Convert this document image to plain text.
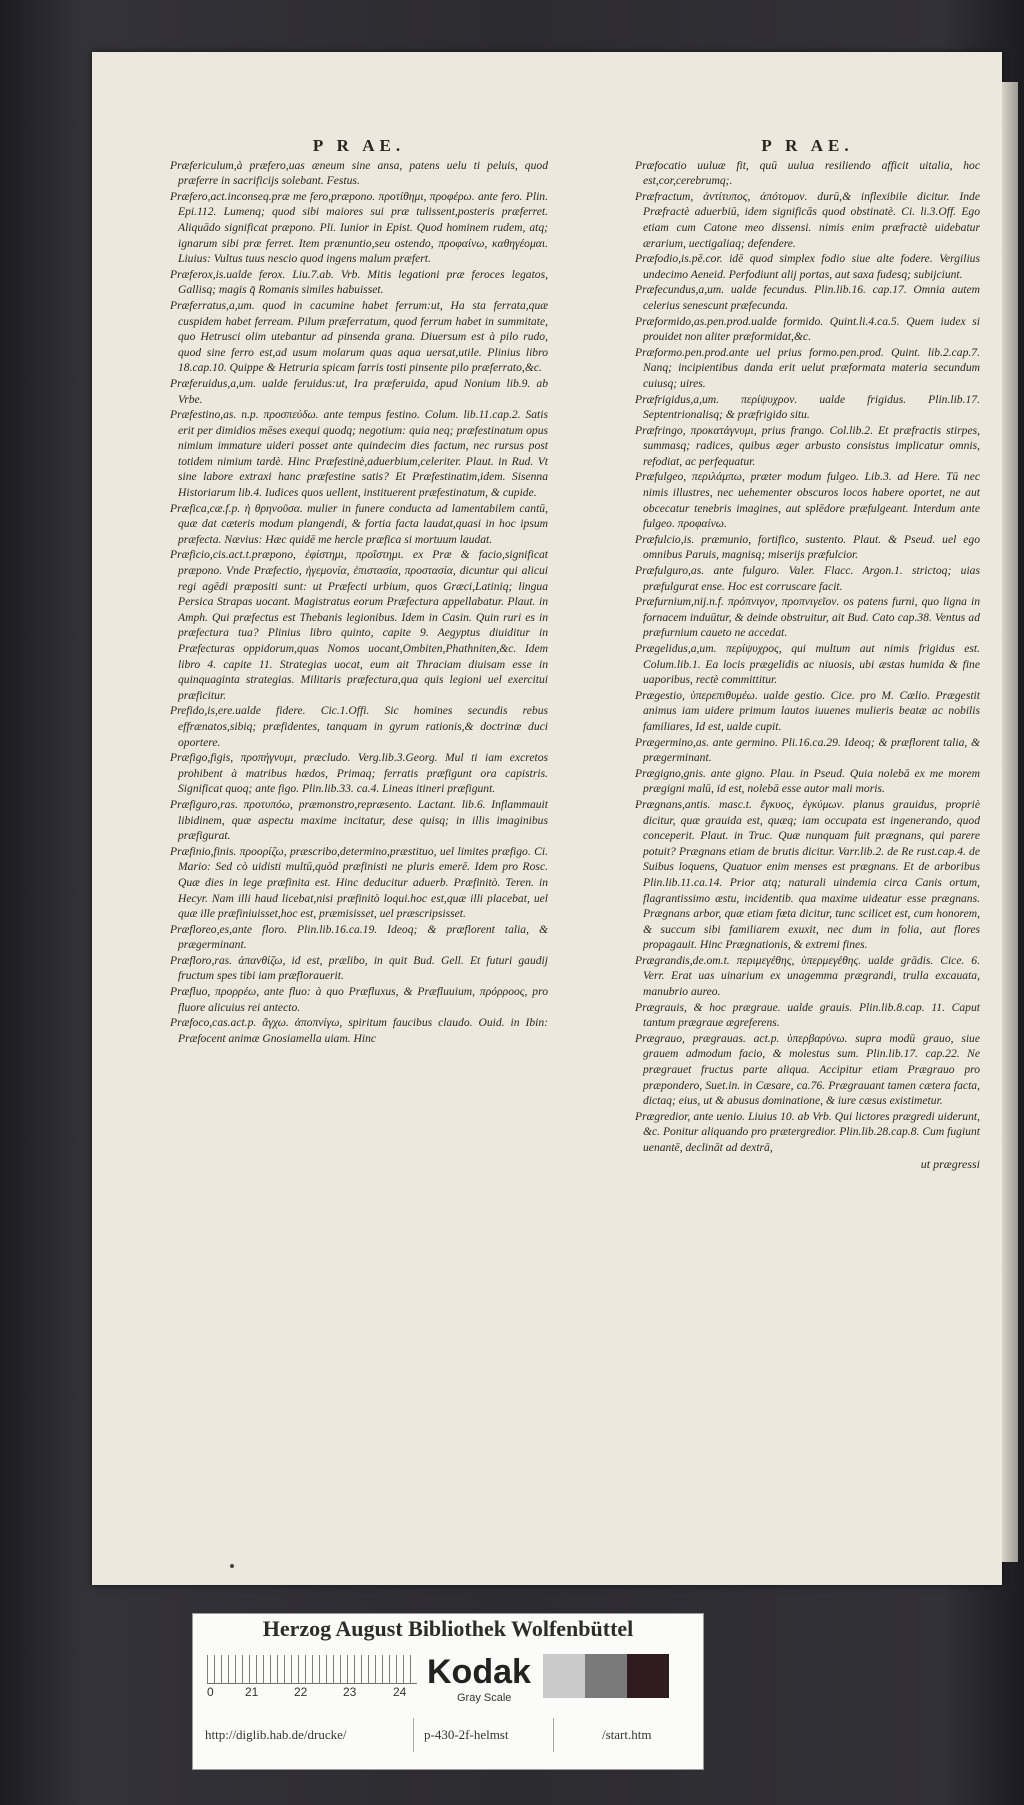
P R AE.

Præfericulum,à præfero,uas æneum sine ansa, patens uelu ti peluis, quod præferre in sacrificijs solebant. Festus.

Præfero,act.inconseq.præ me fero,præpono. προτίθημι, προφέρω. ante fero. Plin. Epi.112. Lumenq; quod sibi maiores sui præ tulissent,posteris præferret. Aliquādo significat præpono. Pli. Iunior in Epist. Quod hominem rudem, atq; ignarum sibi præ ferret. Item prænuntio,seu ostendo, προφαίνω, καθηγέομαι. Liuius: Vultus tuus nescio quod ingens malum præfert.

Præferox,is.ualde ferox. Liu.7.ab. Vrb. Mitis legationi præ feroces legatos, Gallisq; magis q̄ Romanis similes habuisset.

Præferratus,a,um. quod in cacumine habet ferrum:ut, Ha sta ferrata,quæ cuspidem habet ferream. Pilum præferratum, quod ferrum habet in summitate, quo Hetrusci olim utebantur ad pinsenda grana. Diuersum est à pilo rudo, quod sine ferro est,ad usum molarum quas aqua uersat,utile. Plinius libro 18.cap.10. Quippe & Hetruria spicam farris tosti pinsente pilo præferrato,&c.

Præferuidus,a,um. ualde feruidus:ut, Ira præferuida, apud Nonium lib.9. ab Vrbe.

Præfestino,as. n.p. προσπεύδω. ante tempus festino. Colum. lib.11.cap.2. Satis erit per dimidios mēses exequi quodq; negotium: quia neq; præfestinatum opus nimium immature uideri posset ante quindecim dies factum, nec rursus post totidem nimium tardè. Hinc Præfestinè,aduerbium,celeriter. Plaut. in Rud. Vt sine labore extraxi hanc præfestine satis? Et Præfestinatim,idem. Sisenna Historiarum lib.4. Iudices quos uellent, instituerent præfestinatum, & cupide.

Præfica,cæ.f.p. ἡ θρηνοῦσα. mulier in funere conducta ad lamentabilem cantū, quæ dat cæteris modum plangendi, & fortia facta laudat,quasi in hoc ipsum præfecta. Nævius: Hæc quidē me hercle præfica si mortuum laudat.

Præficio,cis.act.t.præpono, ἐφίστημι, προΐστημι. ex Præ & facio,significat præpono. Vnde Præfectio, ἡγεμονία, ἐπιστασία, προστασία, dicuntur qui alicui regi agēdi præpositi sunt: ut Præfecti urbium, quos Græci,Latiniq; lingua Persica Strapas uocant. Magistratus eorum Præfectura appellabatur. Plaut. in Amph. Qui præfectus est Thebanis legionibus. Idem in Casin. Quin ruri es in præfectura tua? Plinius libro quinto, capite 9. Aegyptus diuiditur in Præfecturas oppidorum,quas Nomos uocant,Ombiten,Phathniten,&c. Idem libro 4. capite 11. Strategias uocat, eum ait Thraciam diuisam esse in quinquaginta strategias. Militaris præfectura,qua quis legioni uel exercitui præficitur.

Prefido,is,ere.ualde fidere. Cic.1.Offi. Sic homines secundis rebus effrænatos,sibiq; præfidentes, tanquam in gyrum rationis,& doctrinæ duci oportere.

Præfigo,figis, προπήγνυμι, præcludo. Verg.lib.3.Georg. Mul ti iam excretos prohibent à matribus hædos, Primaq; ferratis præfigunt ora capistris. Significat quoq; ante figo. Plin.lib.33. ca.4. Lineas itineri præfigunt.

Præfiguro,ras. προτυπόω, præmonstro,repræsento. Lactant. lib.6. Inflammauit libidinem, quæ aspectu maxime incitatur, dese quisq; in illis imaginibus præfigurat.

Præfinio,finis. προορίζω, præscribo,determino,præstituo, uel limites præfigo. Ci. Mario: Sed cò uidisti multū,quòd præfinisti ne pluris emerē. Idem pro Rosc. Quæ dies in lege præfinita est. Hinc deducitur aduerb. Præfinitò. Teren. in Hecyr. Nam illi haud licebat,nisi præfinitò loqui.hoc est,quæ illi placebat, uel quæ ille præfiniuisset,hoc est, præmisisset, uel præscripsisset.

Præfloreo,es,ante floro. Plin.lib.16.ca.19. Ideoq; & præflorent talia, & prægerminant.

Præfloro,ras. ἀπανθίζω, id est, prælibo, in quit Bud. Gell. Et futuri gaudij fructum spes tibi iam præflorauerit.

Præfluo, προρρέω, ante fluo: à quo Præfluxus, & Præfluuium, πρόρροος, pro fluore alicuius rei antecto.

Præfoco,cas.act.p. ἄγχω. ἀποπνίγω, spiritum faucibus claudo. Ouid. in Ibin: Præfocent animæ Gnosiamella uiam. Hinc

P R AE.

Præfocatio uuluæ fit, quū uulua resiliendo afficit uitalia, hoc est,cor,cerebrumq;.

Præfractum, ἀντίτυπος, ἀπότομον. durū,& inflexibile dicitur. Inde Præfractè aduerbiū, idem significās quod obstinatè. Ci. li.3.Off. Ego etiam cum Catone meo dissensi. nimis enim præfractè uidebatur ærarium, uectigaliaq; defendere.

Præfodio,is.pē.cor. idē quod simplex fodio siue alte fodere. Vergilius undecimo Aeneid. Perfodiunt alij portas, aut saxa fudesq; subijciunt.

Præfecundus,a,um. ualde fecundus. Plin.lib.16. cap.17. Omnia autem celerius senescunt præfecunda.

Præformido,as.pen.prod.ualde formido. Quint.li.4.ca.5. Quem iudex si prouidet non aliter præformidat,&c.

Præformo.pen.prod.ante uel prius formo.pen.prod. Quint. lib.2.cap.7. Nanq; incipientibus danda erit uelut præformata materia secundum cuiusq; uires.

Præfrigidus,a,um. περίψυχρον. ualde frigidus. Plin.lib.17. Septentrionalisq; & præfrigido situ.

Præfringo, προκατάγνυμι, prius frango. Col.lib.2. Et præfractis stirpes, summasq; radices, quibus æger arbusto consistus implicatur omnis, refodiat, ac perfequatur.

Præfulgeo, περιλάμπω, præter modum fulgeo. Lib.3. ad Here. Tū nec nimis illustres, nec uehementer obscuros locos habere oportet, ne aut obcecatur tenebris imagines, aut splēdore præfulgeant. Interdum ante fulgeo. προφαίνω.

Præfulcio,is. præmunio, fortifico, sustento. Plaut. & Pseud. uel ego omnibus Paruis, magnisq; miserijs præfulcior.

Præfulguro,as. ante fulguro. Valer. Flacc. Argon.1. strictoq; uias præfulgurat ense. Hoc est corruscare facit.

Præfurnium,nij.n.f. πρόπνιγον, προπνιγεῖον. os patens furni, quo ligna in fornacem induūtur, & deinde obstruitur, ait Bud. Cato cap.38. Ventus ad præfurnium caueto ne accedat.

Prægelidus,a,um. περίψυχρος, qui multum aut nimis frigidus est. Colum.lib.1. Ea locis prægelidis ac niuosis, ubi æstas humida & fine uaporibus, rectè committitur.

Prægestio, ὑπερεπιθυμέω. ualde gestio. Cice. pro M. Cælio. Prægestit animus iam uidere primum lautos iuuenes mulieris beatæ ac nobilis familiares, Id est, ualde cupit.

Prægermino,as. ante germino. Pli.16.ca.29. Ideoq; & præflorent talia, & prægerminant.

Prægigno,gnis. ante gigno. Plau. in Pseud. Quia nolebā ex me morem prægigni malū, id est, nolebā esse autor mali moris.

Prægnans,antis. masc.t. ἔγκυος, ἐγκύμων. planus grauidus, propriè dicitur, quæ grauida est, quæq; iam occupata est ingenerando, quod conceperit. Plaut. in Truc. Quæ nunquam fuit prægnans, qui parere potuit? Prægnans etiam de brutis dicitur. Varr.lib.2. de Re rust.cap.4. de Suibus loquens, Quatuor enim menses est prægnans. Et de arboribus Plin.lib.11.ca.14. Prior atq; naturali uindemia circa Canis ortum, flagrantissimo æstu, incidentib. qua maxime uideatur esse prægnans. Prægnans arbor, quæ etiam fœta dicitur, tunc scilicet est, cum honorem, & succum sibi familiarem exuxit, nec dum in folia, aut flores propagauit. Hinc Prægnationis, & extremi fines.

Prægrandis,de.om.t. περιμεγέθης, ὑπερμεγέθης. ualde grādis. Cice. 6. Verr. Erat uas uinarium ex unagemma prægrandi, trulla excauata, manubrio aureo.

Prægrauis, & hoc prægraue. ualde grauis. Plin.lib.8.cap. 11. Caput tantum prægraue ægreferens.

Prægrauo, prægrauas. act.p. ὑπερβαρύνω. supra modū grauo, siue grauem admodum facio, & molestus sum. Plin.lib.17. cap.22. Ne prægrauet fructus parte aliqua. Accipitur etiam Prægrauo pro præpondero, Suet.in. in Cæsare, ca.76. Prægrauant tamen cætera facta, dictaq; eius, ut & abusus dominatione, & iure cæsus existimetur.

Prægredior, ante uenio. Liuius 10. ab Vrb. Qui lictores prægredi uiderunt, &c. Ponitur aliquando pro prætergredior. Plin.lib.28.cap.8. Cum fugiunt uenantē, declināt ad dextrā,

ut prægressi
Herzog August Bibliothek Wolfenbüttel
0	21	22	23	24
Kodak
Gray Scale
http://diglib.hab.de/drucke/	p-430-2f-helmst	/start.htm
